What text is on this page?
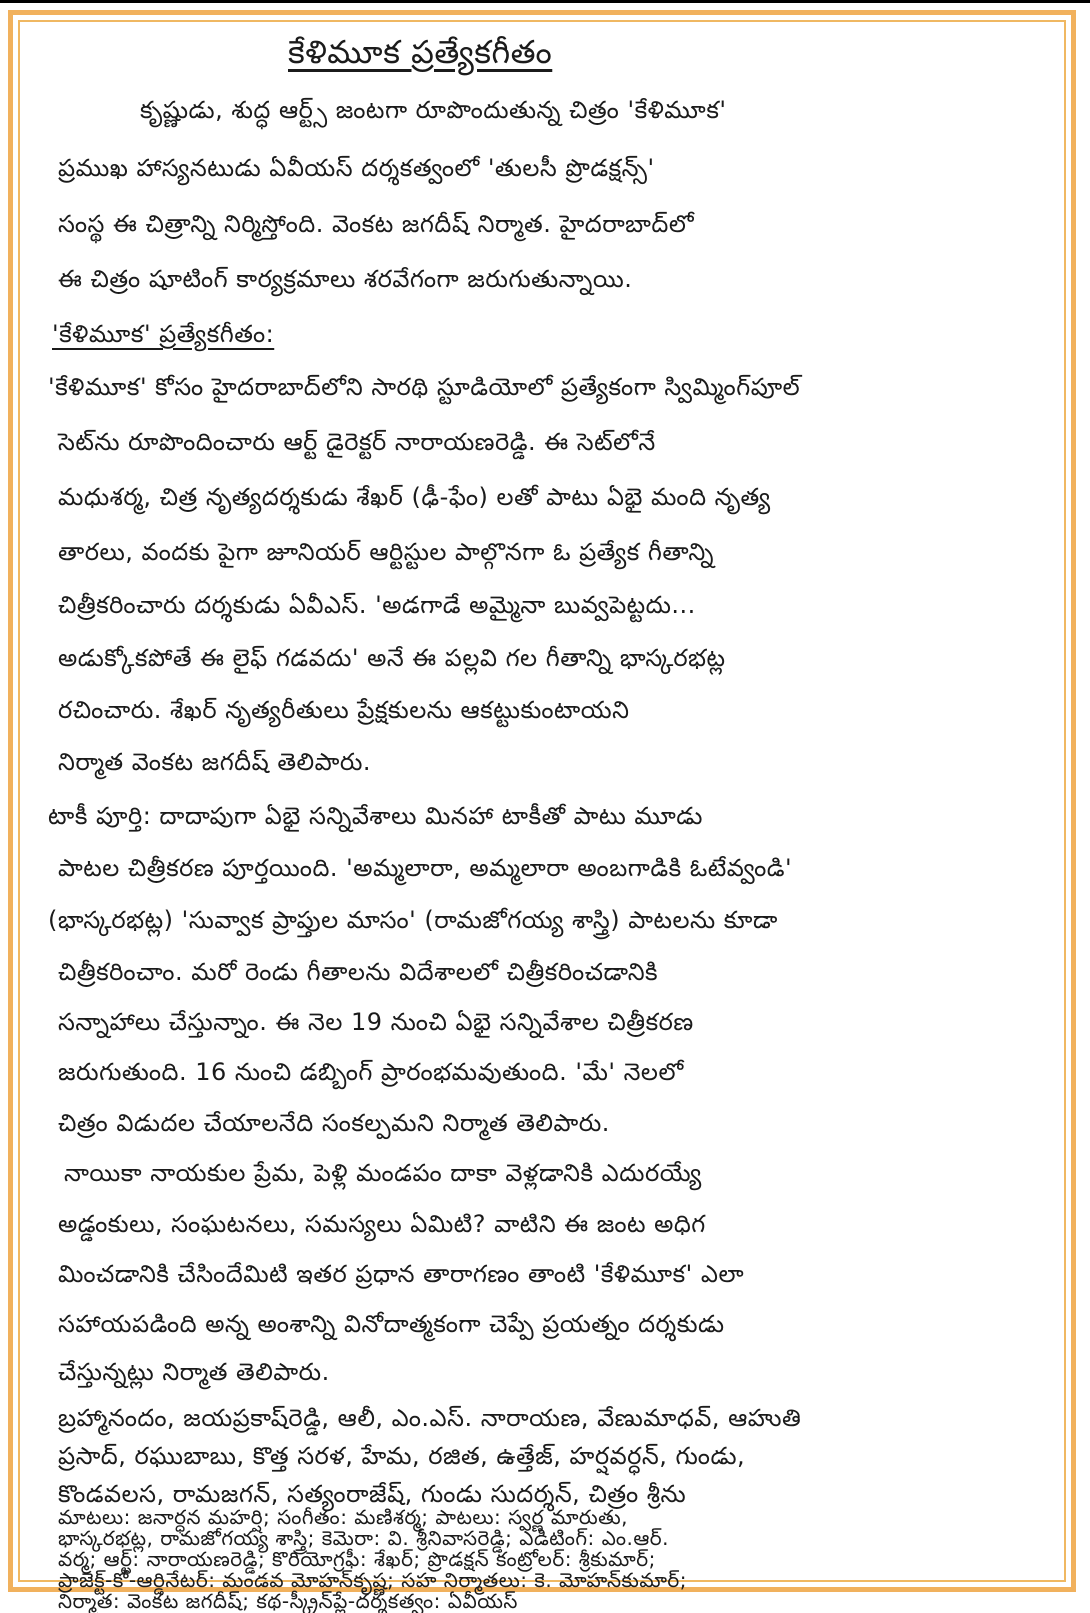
కేళిమూక ప్రత్యేకగీతం
కృష్ణుడు, శుద్ధ ఆర్ట్స్ జంటగా రూపొందుతున్న చిత్రం 'కేళిమూక'
ప్రముఖ హాస్యనటుడు ఏవీయస్ దర్శకత్వంలో 'తులసీ ప్రొడక్షన్స్'
సంస్థ ఈ చిత్రాన్ని నిర్మిస్తోంది. వెంకట జగదీష్ నిర్మాత. హైదరాబాద్‌లో
ఈ చిత్రం షూటింగ్ కార్యక్రమాలు శరవేగంగా జరుగుతున్నాయి.
'కేళిమూక' ప్రత్యేకగీతం:
'కేళిమూక' కోసం హైదరాబాద్‌లోని సారథి స్టూడియోలో ప్రత్యేకంగా స్విమ్మింగ్‌పూల్
సెట్‌ను రూపొందించారు ఆర్ట్ డైరెక్టర్ నారాయణరెడ్డి. ఈ సెట్‌లోనే
మధుశర్మ, చిత్ర నృత్యదర్శకుడు శేఖర్ (ఢీ-ఫేం) లతో పాటు ఏభై మంది నృత్య
తారలు, వందకు పైగా జూనియర్ ఆర్టిస్టుల పాల్గొనగా ఓ ప్రత్యేక గీతాన్ని
చిత్రీకరించారు దర్శకుడు ఏవీఎస్. 'అడగాడే అమ్మైనా బువ్వపెట్టదు...
అడుక్కోకపోతే ఈ లైఫ్ గడవదు' అనే ఈ పల్లవి గల గీతాన్ని భాస్కరభట్ల
రచించారు. శేఖర్ నృత్యరీతులు ప్రేక్షకులను ఆకట్టుకుంటాయని
నిర్మాత వెంకట జగదీష్ తెలిపారు.
టాకీ పూర్తి: దాదాపుగా ఏభై సన్నివేశాలు మినహా టాకీతో పాటు మూడు
పాటల చిత్రీకరణ పూర్తయింది. 'అమ్మలారా, అమ్మలారా అంబగాడికి ఓటేవ్వండి'
(భాస్కరభట్ల) 'సువ్వాక ప్రాప్తుల మాసం' (రామజోగయ్య శాస్త్రి) పాటలను కూడా
చిత్రీకరించాం. మరో రెండు గీతాలను విదేశాలలో చిత్రీకరించడానికి
సన్నాహాలు చేస్తున్నాం. ఈ నెల 19 నుంచి ఏభై సన్నివేశాల చిత్రీకరణ
జరుగుతుంది. 16 నుంచి డబ్బింగ్ ప్రారంభమవుతుంది. 'మే' నెలలో
చిత్రం విడుదల చేయాలనేది సంకల్పమని నిర్మాత తెలిపారు.
నాయికా నాయకుల ప్రేమ, పెళ్లి మండపం దాకా వెళ్లడానికి ఎదురయ్యే
అడ్డంకులు, సంఘటనలు, సమస్యలు ఏమిటి? వాటిని ఈ జంట అధిగ
మించడానికి చేసిందేమిటి ఇతర ప్రధాన తారాగణం తాంటి 'కేళిమూక' ఎలా
సహాయపడింది అన్న అంశాన్ని వినోదాత్మకంగా చెప్పే ప్రయత్నం దర్శకుడు
చేస్తున్నట్లు నిర్మాత తెలిపారు.
బ్రహ్మానందం, జయప్రకాష్‌రెడ్డి, ఆలీ, ఎం.ఎస్. నారాయణ, వేణుమాధవ్, ఆహుతి
ప్రసాద్, రఘుబాబు, కొత్త సరళ, హేమ, రజిత, ఉత్తేజ్, హర్షవర్ధన్, గుండు,
కొండవలస, రామజగన్, సత్యంరాజేష్, గుండు సుదర్శన్, చిత్రం శ్రీను
మాటలు: జనార్ధన మహర్షి; సంగీతం: మణిశర్మ; పాటలు: స్వర్ణ మారుతు,
భాస్కరభట్ల, రామజోగయ్య శాస్త్రి; కెమెరా: వి. శ్రీనివాసరెడ్డి; ఎడిటింగ్: ఎం.ఆర్.
వర్మ; ఆర్ట్: నారాయణరెడ్డి; కొరియోగ్రఫీ: శేఖర్; ప్రొడక్షన్ కంట్రోలర్: శ్రీకుమార్;
ప్రాజెక్ట్-కో-ఆర్డినేటర్: మండవ మోహన్‌కృష్ణ; సహ నిర్మాతలు: కె. మోహన్‌కుమార్;
నిర్మాత: వెంకట జగదీష్; కథ-స్క్రీన్‌ప్లే-దర్శకత్వం: ఏవీయస్
